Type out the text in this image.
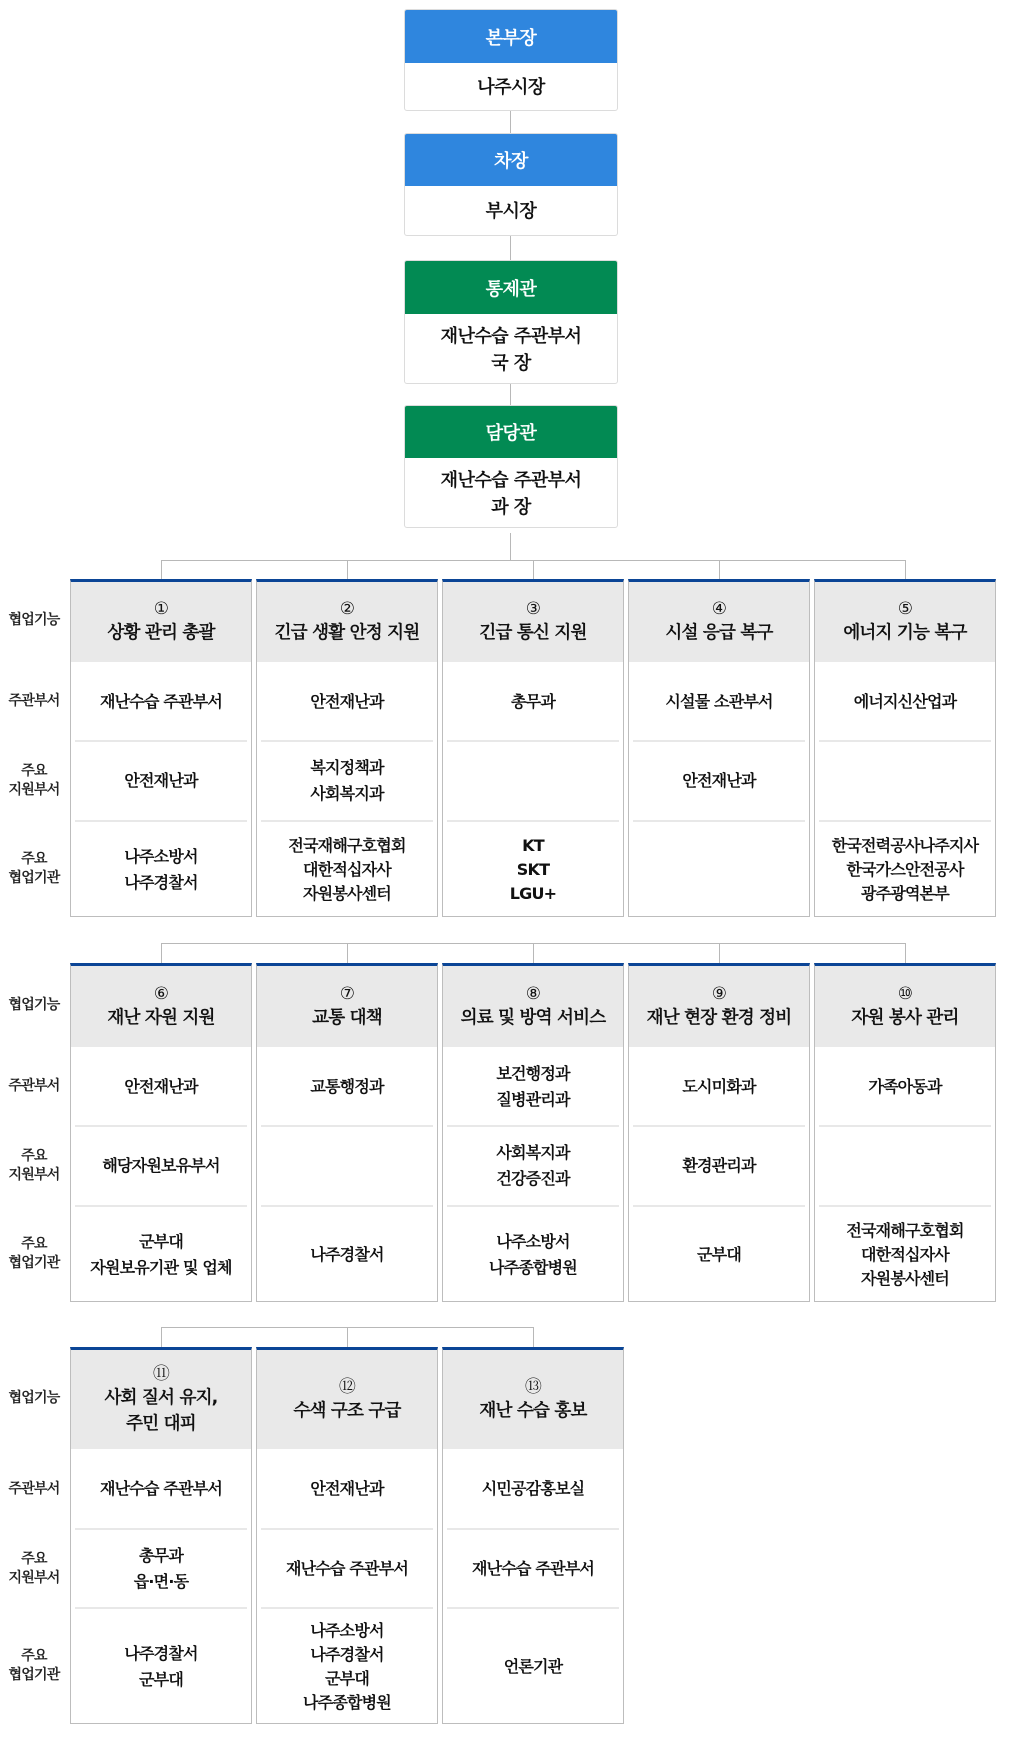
본부장
나주시장
차장
부시장
통제관
재난수습 주관부서
국 장
담당관
재난수습 주관부서
과 장
협업기능
주관부서
주요
지원부서
주요
협업기관
①
상황 관리 총괄
재난수습 주관부서
안전재난과
나주소방서
나주경찰서
②
긴급 생활 안정 지원
안전재난과
복지정책과
사회복지과
전국재해구호협회
대한적십자사
자원봉사센터
③
긴급 통신 지원
총무과
KT
SKT
LGU+
④
시설 응급 복구
시설물 소관부서
안전재난과
⑤
에너지 기능 복구
에너지신산업과
한국전력공사나주지사
한국가스안전공사
광주광역본부
협업기능
주관부서
주요
지원부서
주요
협업기관
⑥
재난 자원 지원
안전재난과
해당자원보유부서
군부대
자원보유기관 및 업체
⑦
교통 대책
교통행정과
나주경찰서
⑧
의료 및 방역 서비스
보건행정과
질병관리과
사회복지과
건강증진과
나주소방서
나주종합병원
⑨
재난 현장 환경 정비
도시미화과
환경관리과
군부대
⑩
자원 봉사 관리
가족아동과
전국재해구호협회
대한적십자사
자원봉사센터
협업기능
주관부서
주요
지원부서
주요
협업기관
⑪
사회 질서 유지,
주민 대피
재난수습 주관부서
총무과
읍·면·동
나주경찰서
군부대
⑫
수색 구조 구급
안전재난과
재난수습 주관부서
나주소방서
나주경찰서
군부대
나주종합병원
⑬
재난 수습 홍보
시민공감홍보실
재난수습 주관부서
언론기관
